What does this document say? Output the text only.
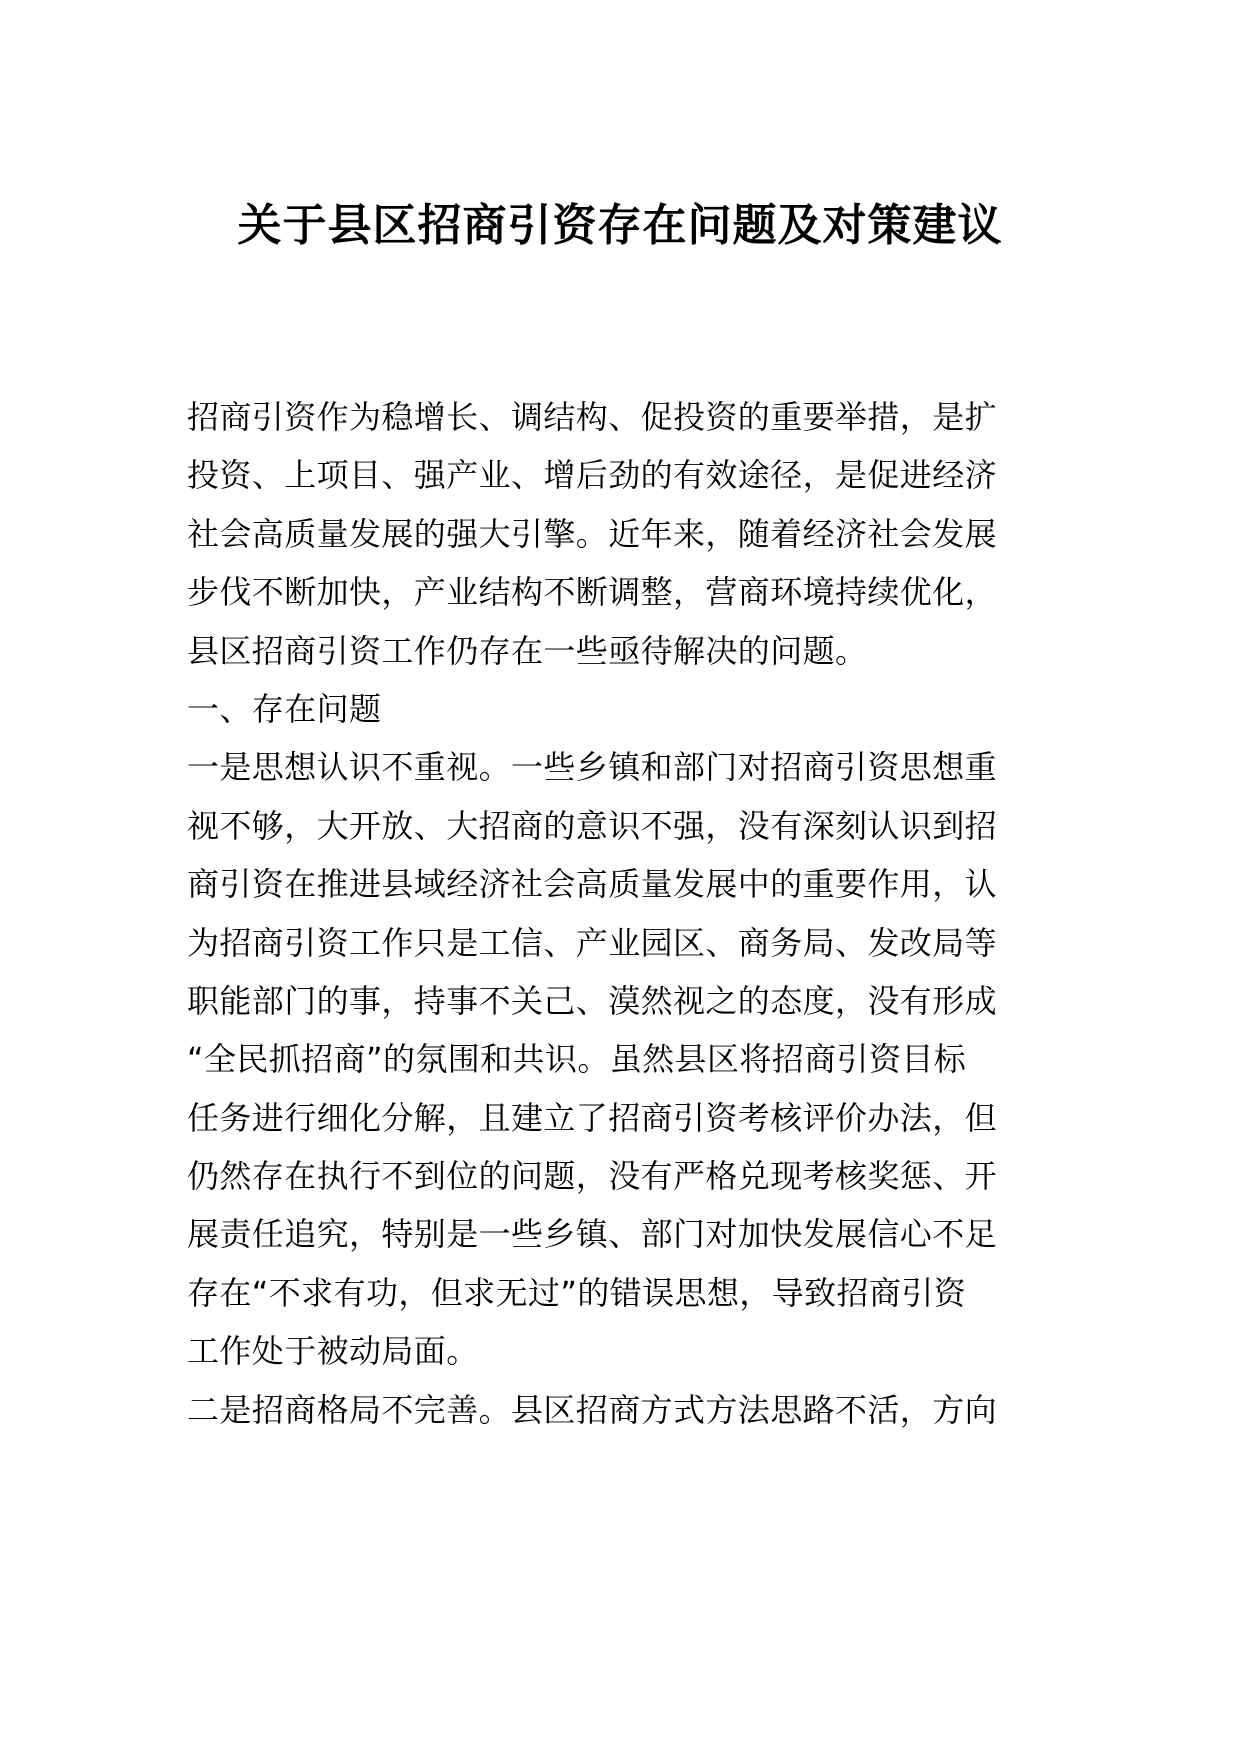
关于县区招商引资存在问题及对策建议
招商引资作为稳增长、调结构、促投资的重要举措，是扩
投资、上项目、强产业、增后劲的有效途径，是促进经济
社会高质量发展的强大引擎。近年来，随着经济社会发展
步伐不断加快，产业结构不断调整，营商环境持续优化，
县区招商引资工作仍存在一些亟待解决的问题。
一、存在问题
一是思想认识不重视。一些乡镇和部门对招商引资思想重
视不够，大开放、大招商的意识不强，没有深刻认识到招
商引资在推进县域经济社会高质量发展中的重要作用，认
为招商引资工作只是工信、产业园区、商务局、发改局等
职能部门的事，持事不关己、漠然视之的态度，没有形成
“全民抓招商”的氛围和共识。虽然县区将招商引资目标
任务进行细化分解，且建立了招商引资考核评价办法，但
仍然存在执行不到位的问题，没有严格兑现考核奖惩、开
展责任追究，特别是一些乡镇、部门对加快发展信心不足
存在“不求有功，但求无过”的错误思想，导致招商引资
工作处于被动局面。
二是招商格局不完善。县区招商方式方法思路不活，方向
